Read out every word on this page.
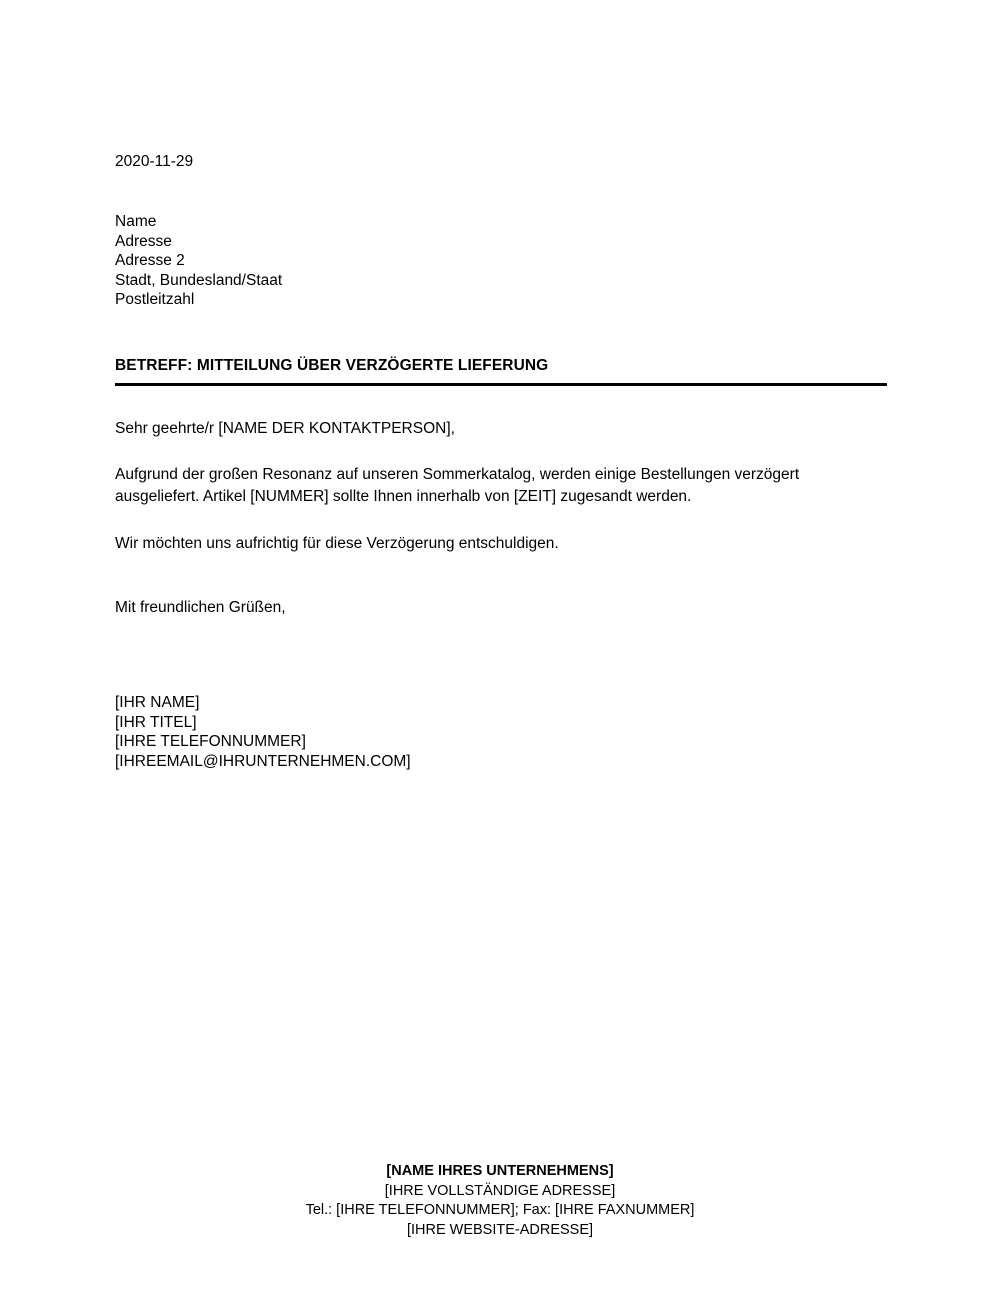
2020-11-29
Name
Adresse
Adresse 2
Stadt, Bundesland/Staat
Postleitzahl
BETREFF: MITTEILUNG ÜBER VERZÖGERTE LIEFERUNG
Sehr geehrte/r [NAME DER KONTAKTPERSON],
Aufgrund der großen Resonanz auf unseren Sommerkatalog, werden einige Bestellungen verzögert ausgeliefert. Artikel [NUMMER] sollte Ihnen innerhalb von [ZEIT] zugesandt werden.
Wir möchten uns aufrichtig für diese Verzögerung entschuldigen.
Mit freundlichen Grüßen,
[IHR NAME]
[IHR TITEL]
[IHRE TELEFONNUMMER]
[IHREEMAIL@IHRUNTERNEHMEN.COM]
[NAME IHRES UNTERNEHMENS]
[IHRE VOLLSTÄNDIGE ADRESSE]
Tel.: [IHRE TELEFONNUMMER]; Fax: [IHRE FAXNUMMER]
[IHRE WEBSITE-ADRESSE]
